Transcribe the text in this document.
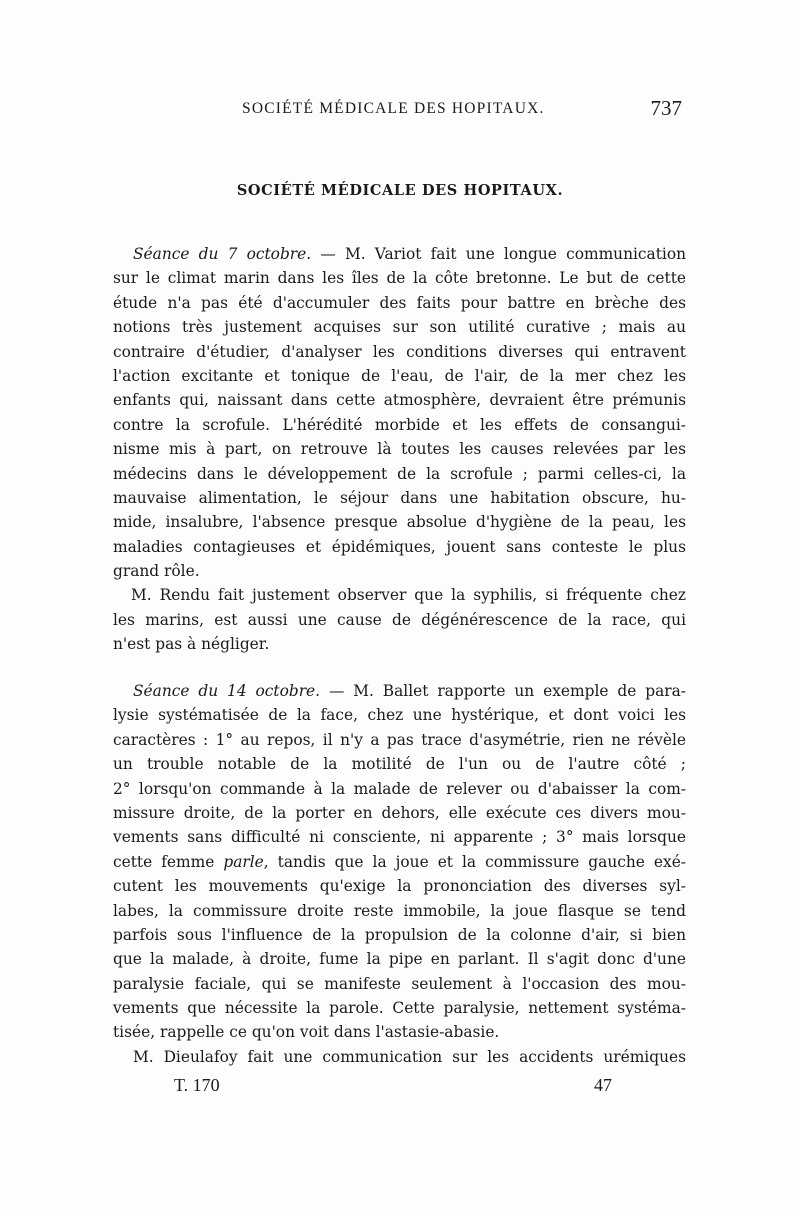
SOCIÉTÉ MÉDICALE DES HOPITAUX.	737
SOCIÉTÉ MÉDICALE DES HOPITAUX.
Séance du 7 octobre. — M. Variot fait une longue communication
sur le climat marin dans les îles de la côte bretonne. Le but de cette
étude n'a pas été d'accumuler des faits pour battre en brèche des
notions très justement acquises sur son utilité curative ; mais au
contraire d'étudier, d'analyser les conditions diverses qui entravent
l'action excitante et tonique de l'eau, de l'air, de la mer chez les
enfants qui, naissant dans cette atmosphère, devraient être prémunis
contre la scrofule. L'hérédité morbide et les effets de consangui-
nisme mis à part, on retrouve là toutes les causes relevées par les
médecins dans le développement de la scrofule ; parmi celles-ci, la
mauvaise alimentation, le séjour dans une habitation obscure, hu-
mide, insalubre, l'absence presque absolue d'hygiène de la peau, les
maladies contagieuses et épidémiques, jouent sans conteste le plus
grand rôle.
M. Rendu fait justement observer que la syphilis, si fréquente chez
les marins, est aussi une cause de dégénérescence de la race, qui
n'est pas à négliger.
Séance du 14 octobre. — M. Ballet rapporte un exemple de para-
lysie systématisée de la face, chez une hystérique, et dont voici les
caractères : 1° au repos, il n'y a pas trace d'asymétrie, rien ne révèle
un trouble notable de la motilité de l'un ou de l'autre côté ;
2° lorsqu'on commande à la malade de relever ou d'abaisser la com-
missure droite, de la porter en dehors, elle exécute ces divers mou-
vements sans difficulté ni consciente, ni apparente ; 3° mais lorsque
cette femme parle, tandis que la joue et la commissure gauche exé-
cutent les mouvements qu'exige la prononciation des diverses syl-
labes, la commissure droite reste immobile, la joue flasque se tend
parfois sous l'influence de la propulsion de la colonne d'air, si bien
que la malade, à droite, fume la pipe en parlant. Il s'agit donc d'une
paralysie faciale, qui se manifeste seulement à l'occasion des mou-
vements que nécessite la parole. Cette paralysie, nettement systéma-
tisée, rappelle ce qu'on voit dans l'astasie-abasie.
M. Dieulafoy fait une communication sur les accidents urémiques
T. 170	47
